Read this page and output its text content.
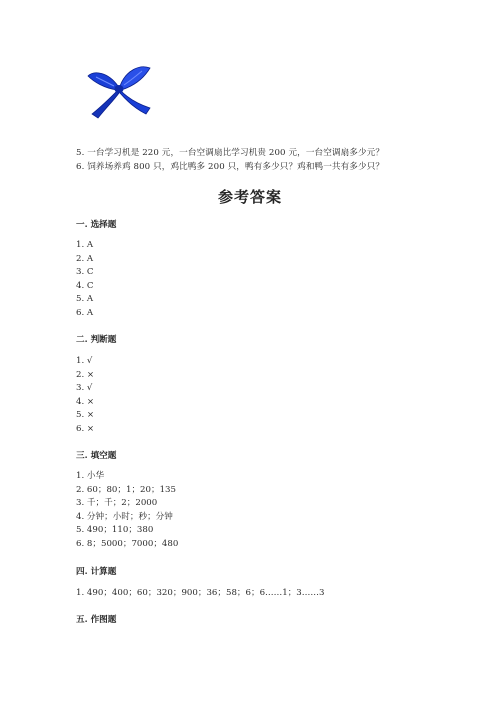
5. 一台学习机是 220 元，一台空调扇比学习机贵 200 元，一台空调扇多少元？
6. 饲养场养鸡 800 只，鸡比鸭多 200 只，鸭有多少只？鸡和鸭一共有多少只？
参考答案
一. 选择题
1. A
2. A
3. C
4. C
5. A
6. A
二. 判断题
1. √
2. ×
3. √
4. ×
5. ×
6. ×
三. 填空题
1. 小华
2. 60；80；1；20；135
3. 千；千；2；2000
4. 分钟；小时；秒；分钟
5. 490；110；380
6. 8；5000；7000；480
四. 计算题
1. 490；400；60；320；900；36；58；6；6……1；3……3
五. 作图题
